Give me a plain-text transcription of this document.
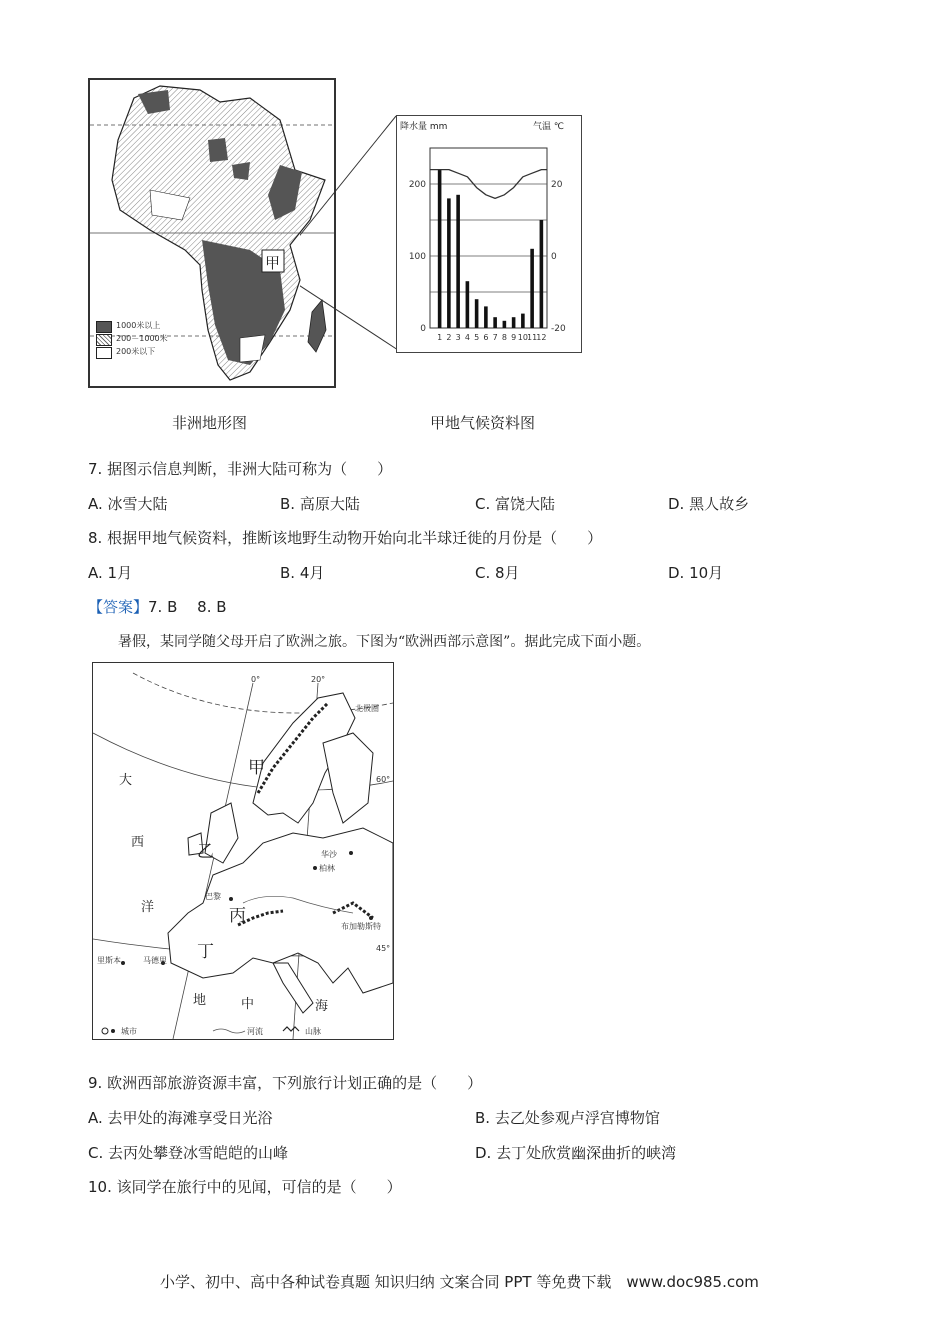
甲
1000米以上
200－1000米
200米以下
降水量 mm	气温 ℃
200
100
0
20
0
-20
1 2 3 4 5 6 7 8 9 10 11 12
非洲地形图	甲地气候资料图
7. 据图示信息判断，非洲大陆可称为（　　）
A. 冰雪大陆	B. 高原大陆	C. 富饶大陆	D. 黑人故乡
8. 根据甲地气候资料，推断该地野生动物开始向北半球迁徙的月份是（　　）
A. 1月	B. 4月	C. 8月	D. 10月
【答案】7. B　 8. B
暑假，某同学随父母开启了欧洲之旅。下图为“欧洲西部示意图”。据此完成下面小题。
甲
乙
丙
丁
大
西
洋
地	中	海
60°
45°
0°	20°
北极圈
柏林
巴黎
里斯本	马德里
华沙
布加勒斯特
城市	河流	山脉
9. 欧洲西部旅游资源丰富，下列旅行计划正确的是（　　）
A. 去甲处的海滩享受日光浴	B. 去乙处参观卢浮宫博物馆
C. 去丙处攀登冰雪皑皑的山峰	D. 去丁处欣赏幽深曲折的峡湾
10. 该同学在旅行中的见闻，可信的是（　　）
小学、初中、高中各种试卷真题 知识归纳 文案合同 PPT 等免费下载　www.doc985.com
